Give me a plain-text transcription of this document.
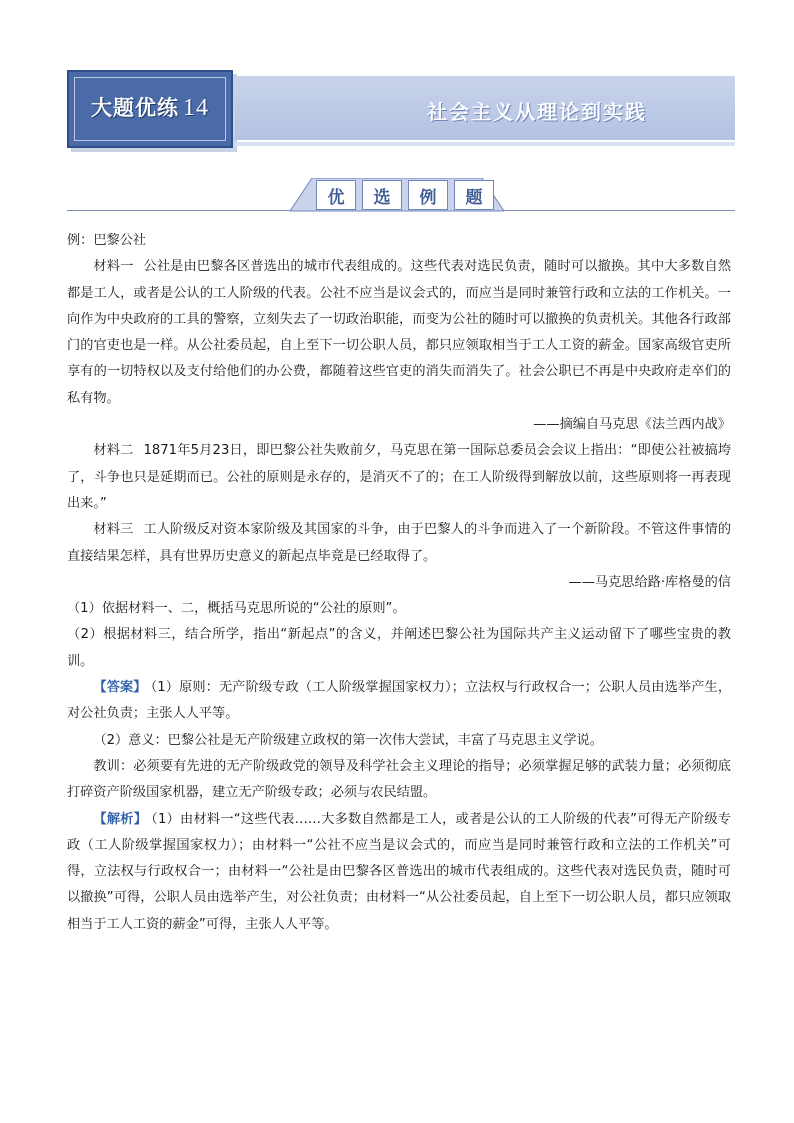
大题优练 14	社会主义从理论到实践
优	选	例	题

例：巴黎公社

材料一 公社是由巴黎各区普选出的城市代表组成的。这些代表对选民负责，随时可以撤换。其中大多数自然都是工人，或者是公认的工人阶级的代表。公社不应当是议会式的，而应当是同时兼管行政和立法的工作机关。一向作为中央政府的工具的警察，立刻失去了一切政治职能，而变为公社的随时可以撤换的负责机关。其他各行政部门的官吏也是一样。从公社委员起，自上至下一切公职人员，都只应领取相当于工人工资的薪金。国家高级官吏所享有的一切特权以及支付给他们的办公费，都随着这些官吏的消失而消失了。社会公职已不再是中央政府走卒们的私有物。

——摘编自马克思《法兰西内战》

材料二 1871年5月23日，即巴黎公社失败前夕，马克思在第一国际总委员会会议上指出：“即使公社被搞垮了，斗争也只是延期而已。公社的原则是永存的，是消灭不了的；在工人阶级得到解放以前，这些原则将一再表现出来。”

材料三 工人阶级反对资本家阶级及其国家的斗争，由于巴黎人的斗争而进入了一个新阶段。不管这件事情的直接结果怎样，具有世界历史意义的新起点毕竟是已经取得了。

——马克思给路·库格曼的信

（1）依据材料一、二，概括马克思所说的“公社的原则”。

（2）根据材料三，结合所学，指出“新起点”的含义，并阐述巴黎公社为国际共产主义运动留下了哪些宝贵的教训。

【答案】 （1）原则：无产阶级专政（工人阶级掌握国家权力）；立法权与行政权合一；公职人员由选举产生，对公社负责；主张人人平等。

（2）意义：巴黎公社是无产阶级建立政权的第一次伟大尝试，丰富了马克思主义学说。

教训：必须要有先进的无产阶级政党的领导及科学社会主义理论的指导；必须掌握足够的武装力量；必须彻底打碎资产阶级国家机器，建立无产阶级专政；必须与农民结盟。

【解析】 （1）由材料一“这些代表……大多数自然都是工人，或者是公认的工人阶级的代表”可得无产阶级专政（工人阶级掌握国家权力）；由材料一“公社不应当是议会式的，而应当是同时兼管行政和立法的工作机关”可得，立法权与行政权合一；由材料一“公社是由巴黎各区普选出的城市代表组成的。这些代表对选民负责，随时可以撤换”可得，公职人员由选举产生，对公社负责；由材料一“从公社委员起，自上至下一切公职人员，都只应领取相当于工人工资的薪金”可得，主张人人平等。
